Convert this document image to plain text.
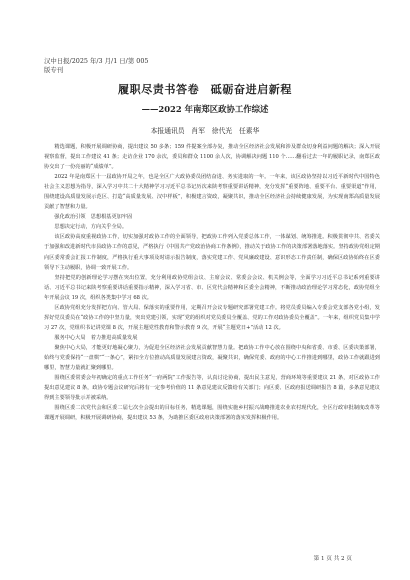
汉中日报/2025 年/3 月/1 日/第 005
版专刊
履职尽责书答卷　砥砺奋进启新程
——2022 年南郑区政协工作综述
本报通讯员　肖军　徐代光　任素华

精选课题，积极开展调研协商，提出建议 50 多条；159 件提案全部办复，推动全区经济社会发展和涉及群众切身利益问题的解决；深入开展视察监督，提出工作建议 41 条；走访企业 170 余次，委员和群众 1100 余人次，协调解决问题 110 个……翻看过去一年的履职记录，南郑区政协交出了一份亮丽的“成绩单”。

2022 年是南郑区十一届政协开局之年，也是全区广大政协委员团结奋进、务实进取的一年。一年来，该区政协坚持以习近平新时代中国特色社会主义思想为指导，深入学习中共二十大精神学习习近平总书记历次来陕考察重要讲话精神，充分发挥“重要阵地、重要平台、重要渠道”作用，围绕建设高质量发展示范区、打造“高质量发展、汉中样板”，积极建言资政，凝聚共识，推动全区经济社会持续健康发展，为实现南郑高质量发展贡献了智慧和力量。

强化政治引领　思想根基更加牢固

思想决定行动，方向关乎全局。

该区政协高度重视政协工作，切实加强对政协工作的全面领导，把政协工作列入党委总体工作，一体谋划、统筹推进。积极贯彻中共、省委关于加强和改进新时代市县政协工作的意见，严格执行《中国共产党政治协商工作条例》，推动关于政协工作的决策部署落地落实。坚持政协党组定期向区委常委会汇报工作制度，严格执行重大事项及时请示报告制度，落实党建工作、党风廉政建设、意识形态工作责任制，确保区政协始终在区委领导下主动履职，协调一致开展工作。

坚持把党的创新理论学习摆在突出位置，充分利用政协党组会议、主席会议、常委会会议、机关例会等，全面学习习近平总书记系列重要讲话、习近平总书记来陕考察重要讲话重要指示精神，深入学习省、市、区党代会精神和区委全会精神，不断推动政治理论学习常态化，政协党组全年开展会议 19 次，组织各类集中学习 68 次。

区政协党组充分发挥把方向、管大局、保落实的重要作用，定期召开会议专题研究部署党建工作。将党员委员编入专委会党支部各党小组，发挥好党员委员在“政协工作的中坚力量，突出党建引领，实现“党的组织对党员委员全覆盖、党的工作对政协委员全覆盖”。一年来，组织党员集中学习 27 次，党组织书记讲党课 8 次，开展主题党性教育和警示教育 9 次，开展“主题党日+”活动 12 次。

服务中心大局　着力推进高质量发展

聚焦中心大局，才能更好地凝心聚力，为促进全区经济社会发展贡献智慧力量。把政协工作中心放在围绕中央和省委、市委、区委决策部署，始终与党委保持“一盘棋”“一条心”，紧扣全方位推动高质量发展建言资政，凝聚共识，确保党委、政府的中心工作推进到哪里，政协工作就跟进到哪里，智慧力量就汇聚到哪里。

围绕区委常委会年初确定的重点工作任务“一府两院”工作报告等，认真讨论协商，提出民主意见，营商环境等重要建议 21 条，对区政协工作提出意见建议 8 条，政协专题会议研究后将有一定参考价值的 11 条意见建议反馈给有关部门；向区委、区政府报送调研报告 8 篇，多条意见建议得到主要领导批示并被采纳。

围绕区委二次党代会和区委二届七次全会提出的目标任务，精选课题，围绕实施乡村振兴战略推进农业农村现代化，全区行政审批制度改革等课题开展调研，积极开展调研协商，提出建议 53 条，为助推区委区政府决策部署的落实发挥积极作用。

第 1 页 共 2 页
